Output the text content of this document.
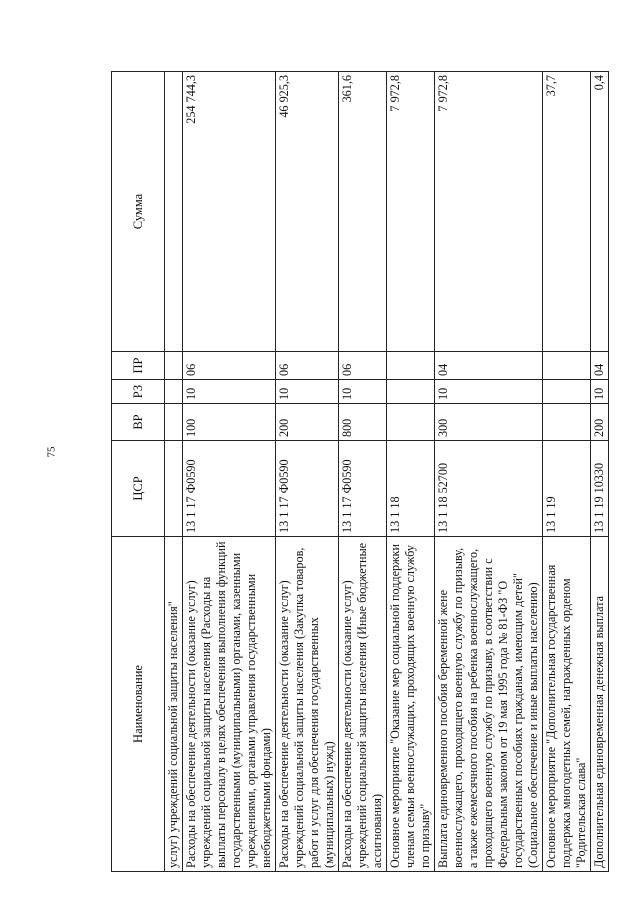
75
Наименование	ЦСР	ВР	РЗ	ПР	Сумма
услуг) учреждений социальной защиты населения"					
Расходы на обеспечение деятельности (оказание услуг) учреждений социальной защиты населения (Расходы на выплаты персоналу в целях обеспечения выполнения функций государственными (муниципальными) органами, казенными учреждениями, органами управления государственными внебюджетными фондами)	13 1 17 Ф0590	100	10	06	254 744,3
Расходы на обеспечение деятельности (оказание услуг) учреждений социальной защиты населения (Закупка товаров, работ и услуг для обеспечения государственных (муниципальных) нужд)	13 1 17 Ф0590	200	10	06	46 925,3
Расходы на обеспечение деятельности (оказание услуг) учреждений социальной защиты населения (Иные бюджетные ассигнования)	13 1 17 Ф0590	800	10	06	361,6
Основное мероприятие "Оказание мер социальной поддержки членам семьи военнослужащих, проходящих военную службу по призыву"	13 1 18				7 972,8
Выплата единовременного пособия беременной жене военнослужащего, проходящего военную службу по призыву, а также ежемесячного пособия на ребенка военнослужащего, проходящего военную службу по призыву, в соответствии с Федеральным законом от 19 мая 1995 года № 81-ФЗ "О государственных пособиях гражданам, имеющим детей" (Социальное обеспечение и иные выплаты населению)	13 1 18 52700	300	10	04	7 972,8
Основное мероприятие "Дополнительная государственная поддержка многодетных семей, награжденных орденом "Родительская слава"	13 1 19				37,7
Дополнительная единовременная денежная выплата	13 1 19 10330	200	10	04	0,4
